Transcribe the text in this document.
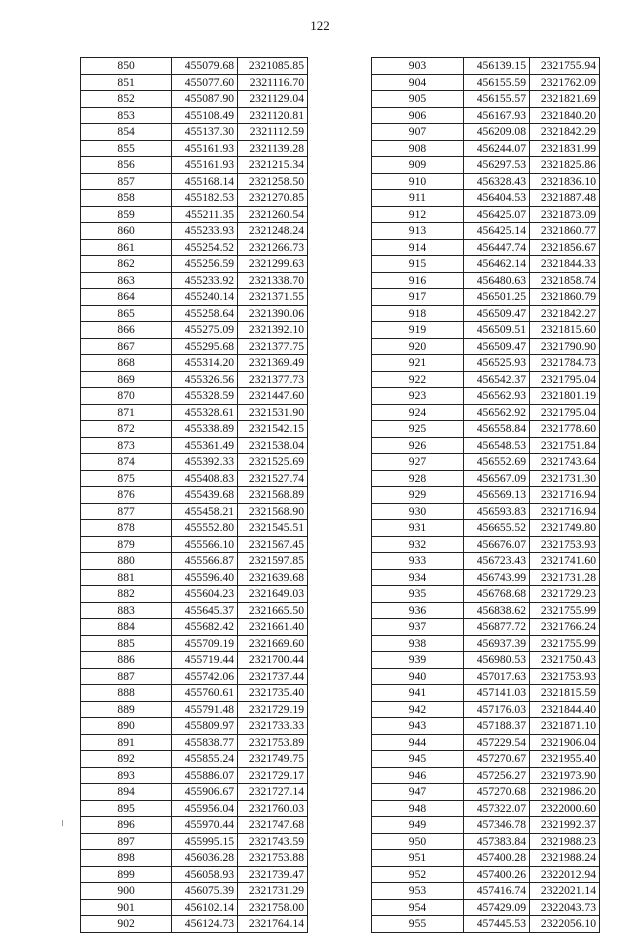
122
850	455079.68	2321085.85
851	455077.60	2321116.70
852	455087.90	2321129.04
853	455108.49	2321120.81
854	455137.30	2321112.59
855	455161.93	2321139.28
856	455161.93	2321215.34
857	455168.14	2321258.50
858	455182.53	2321270.85
859	455211.35	2321260.54
860	455233.93	2321248.24
861	455254.52	2321266.73
862	455256.59	2321299.63
863	455233.92	2321338.70
864	455240.14	2321371.55
865	455258.64	2321390.06
866	455275.09	2321392.10
867	455295.68	2321377.75
868	455314.20	2321369.49
869	455326.56	2321377.73
870	455328.59	2321447.60
871	455328.61	2321531.90
872	455338.89	2321542.15
873	455361.49	2321538.04
874	455392.33	2321525.69
875	455408.83	2321527.74
876	455439.68	2321568.89
877	455458.21	2321568.90
878	455552.80	2321545.51
879	455566.10	2321567.45
880	455566.87	2321597.85
881	455596.40	2321639.68
882	455604.23	2321649.03
883	455645.37	2321665.50
884	455682.42	2321661.40
885	455709.19	2321669.60
886	455719.44	2321700.44
887	455742.06	2321737.44
888	455760.61	2321735.40
889	455791.48	2321729.19
890	455809.97	2321733.33
891	455838.77	2321753.89
892	455855.24	2321749.75
893	455886.07	2321729.17
894	455906.67	2321727.14
895	455956.04	2321760.03
896	455970.44	2321747.68
897	455995.15	2321743.59
898	456036.28	2321753.88
899	456058.93	2321739.47
900	456075.39	2321731.29
901	456102.14	2321758.00
902	456124.73	2321764.14
903	456139.15	2321755.94
904	456155.59	2321762.09
905	456155.57	2321821.69
906	456167.93	2321840.20
907	456209.08	2321842.29
908	456244.07	2321831.99
909	456297.53	2321825.86
910	456328.43	2321836.10
911	456404.53	2321887.48
912	456425.07	2321873.09
913	456425.14	2321860.77
914	456447.74	2321856.67
915	456462.14	2321844.33
916	456480.63	2321858.74
917	456501.25	2321860.79
918	456509.47	2321842.27
919	456509.51	2321815.60
920	456509.47	2321790.90
921	456525.93	2321784.73
922	456542.37	2321795.04
923	456562.93	2321801.19
924	456562.92	2321795.04
925	456558.84	2321778.60
926	456548.53	2321751.84
927	456552.69	2321743.64
928	456567.09	2321731.30
929	456569.13	2321716.94
930	456593.83	2321716.94
931	456655.52	2321749.80
932	456676.07	2321753.93
933	456723.43	2321741.60
934	456743.99	2321731.28
935	456768.68	2321729.23
936	456838.62	2321755.99
937	456877.72	2321766.24
938	456937.39	2321755.99
939	456980.53	2321750.43
940	457017.63	2321753.93
941	457141.03	2321815.59
942	457176.03	2321844.40
943	457188.37	2321871.10
944	457229.54	2321906.04
945	457270.67	2321955.40
946	457256.27	2321973.90
947	457270.68	2321986.20
948	457322.07	2322000.60
949	457346.78	2321992.37
950	457383.84	2321988.23
951	457400.28	2321988.24
952	457400.26	2322012.94
953	457416.74	2322021.14
954	457429.09	2322043.73
955	457445.53	2322056.10
